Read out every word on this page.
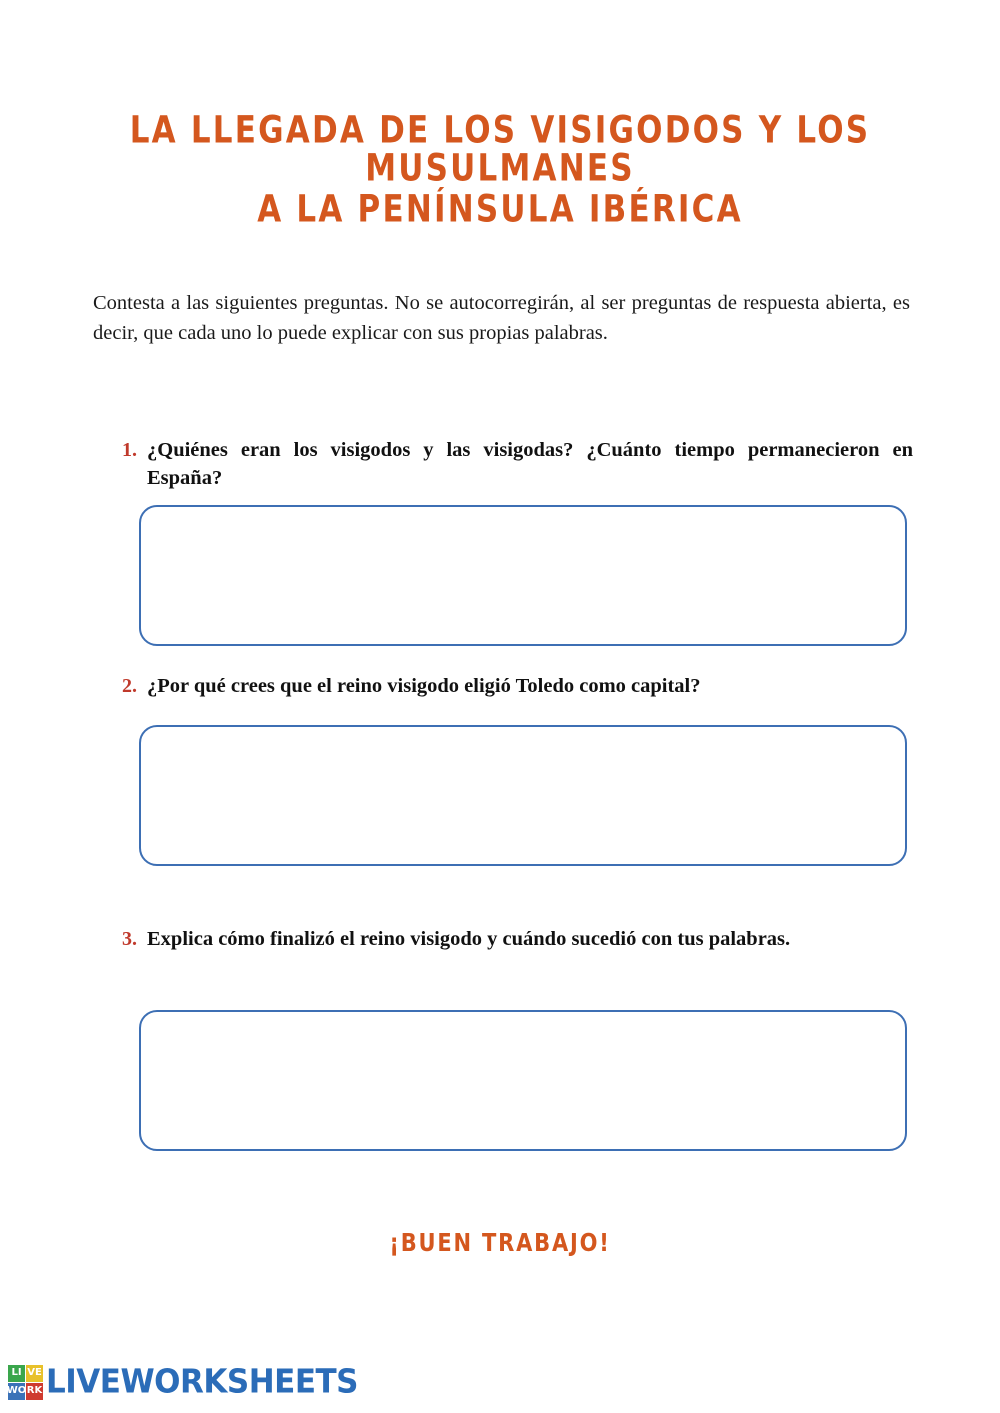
LA LLEGADA DE LOS VISIGODOS Y LOS MUSULMANES
A LA PENÍNSULA IBÉRICA
Contesta a las siguientes preguntas. No se autocorregirán, al ser preguntas de respuesta abierta, es decir, que cada uno lo puede explicar con sus propias palabras.
1. ¿Quiénes eran los visigodos y las visigodas? ¿Cuánto tiempo permanecieron en España?
2. ¿Por qué crees que el reino visigodo eligió Toledo como capital?
3. Explica cómo finalizó el reino visigodo y cuándo sucedió con tus palabras.
¡BUEN TRABAJO!
LI VE
WO RK LIVEWORKSHEETS
